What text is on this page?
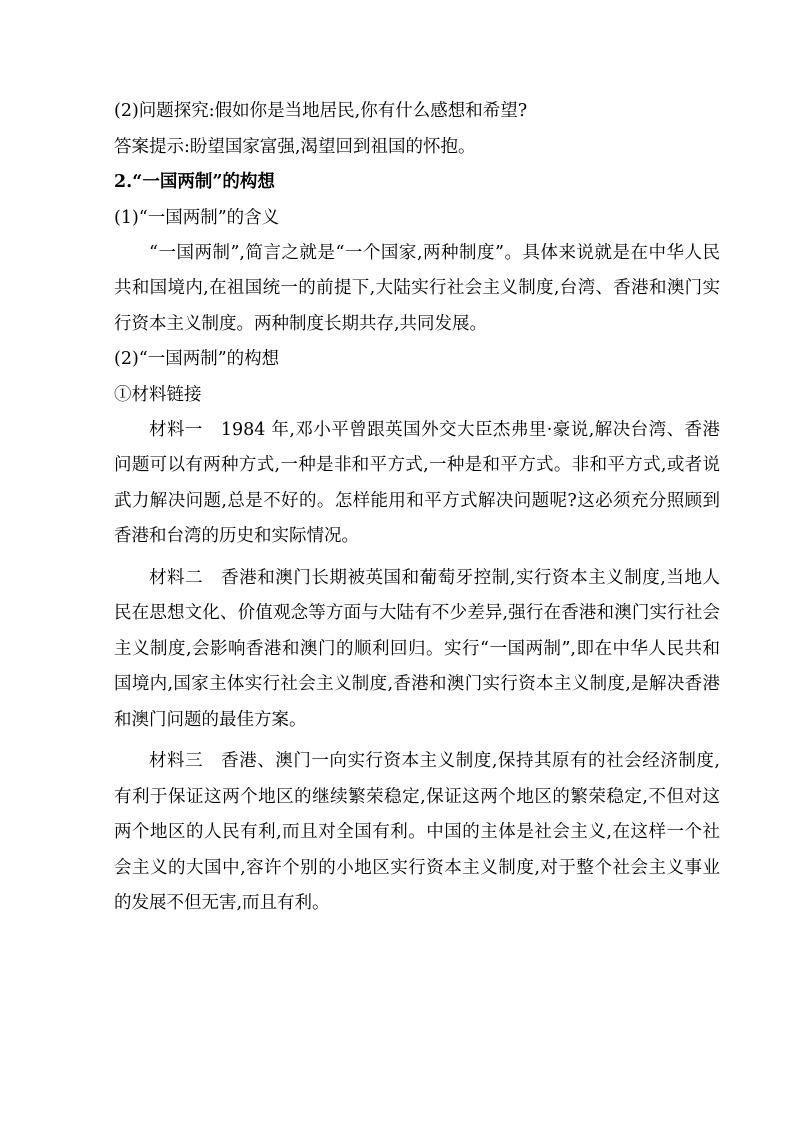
(2)问题探究:假如你是当地居民,你有什么感想和希望?

答案提示:盼望国家富强,渴望回到祖国的怀抱。

2.“一国两制”的构想

(1)“一国两制”的含义

“一国两制”,简言之就是“一个国家,两种制度”。具体来说就是在中华人民共和国境内,在祖国统一的前提下,大陆实行社会主义制度,台湾、香港和澳门实行资本主义制度。两种制度长期共存,共同发展。

(2)“一国两制”的构想

①材料链接

材料一　1984 年,邓小平曾跟英国外交大臣杰弗里·豪说,解决台湾、香港问题可以有两种方式,一种是非和平方式,一种是和平方式。非和平方式,或者说武力解决问题,总是不好的。怎样能用和平方式解决问题呢?这必须充分照顾到香港和台湾的历史和实际情况。

材料二　香港和澳门长期被英国和葡萄牙控制,实行资本主义制度,当地人民在思想文化、价值观念等方面与大陆有不少差异,强行在香港和澳门实行社会主义制度,会影响香港和澳门的顺利回归。实行“一国两制”,即在中华人民共和国境内,国家主体实行社会主义制度,香港和澳门实行资本主义制度,是解决香港和澳门问题的最佳方案。

材料三　香港、澳门一向实行资本主义制度,保持其原有的社会经济制度,有利于保证这两个地区的继续繁荣稳定,保证这两个地区的繁荣稳定,不但对这两个地区的人民有利,而且对全国有利。中国的主体是社会主义,在这样一个社会主义的大国中,容许个别的小地区实行资本主义制度,对于整个社会主义事业的发展不但无害,而且有利。
